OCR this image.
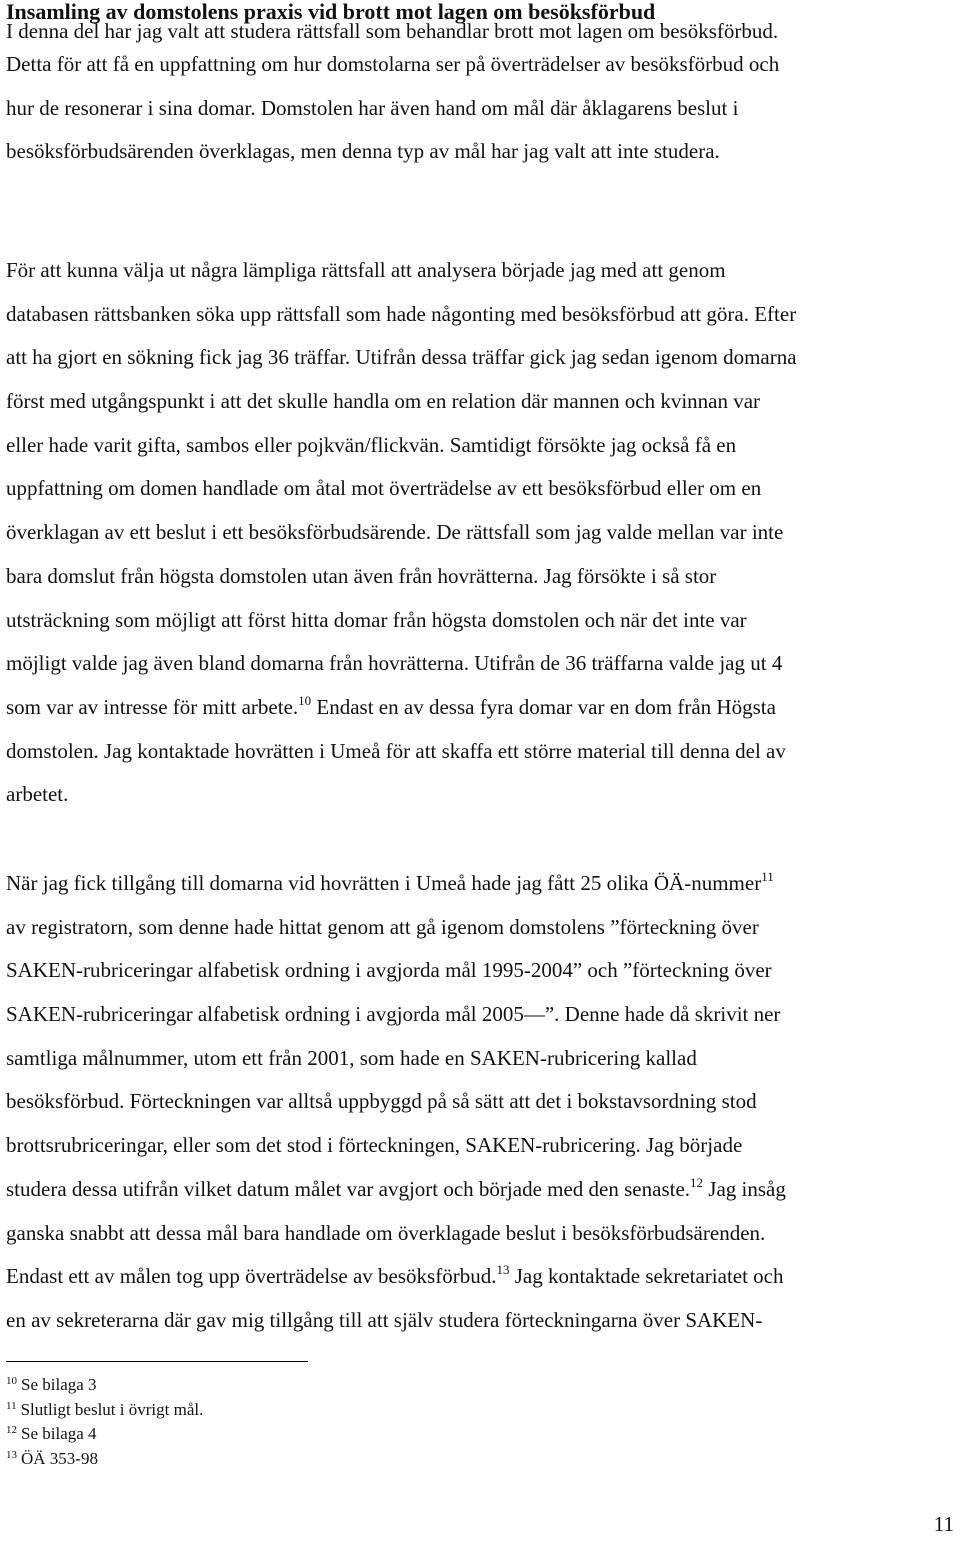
Insamling av domstolens praxis vid brott mot lagen om besöksförbud
I denna del har jag valt att studera rättsfall som behandlar brott mot lagen om besöksförbud.
Detta för att få en uppfattning om hur domstolarna ser på överträdelser av besöksförbud och
hur de resonerar i sina domar. Domstolen har även hand om mål där åklagarens beslut i
besöksförbudsärenden överklagas, men denna typ av mål har jag valt att inte studera.
För att kunna välja ut några lämpliga rättsfall att analysera började jag med att genom
databasen rättsbanken söka upp rättsfall som hade någonting med besöksförbud att göra. Efter
att ha gjort en sökning fick jag 36 träffar. Utifrån dessa träffar gick jag sedan igenom domarna
först med utgångspunkt i att det skulle handla om en relation där mannen och kvinnan var
eller hade varit gifta, sambos eller pojkvän/flickvän. Samtidigt försökte jag också få en
uppfattning om domen handlade om åtal mot överträdelse av ett besöksförbud eller om en
överklagan av ett beslut i ett besöksförbudsärende. De rättsfall som jag valde mellan var inte
bara domslut från högsta domstolen utan även från hovrätterna. Jag försökte i så stor
utsträckning som möjligt att först hitta domar från högsta domstolen och när det inte var
möjligt valde jag även bland domarna från hovrätterna. Utifrån de 36 träffarna valde jag ut 4
som var av intresse för mitt arbete.$^{10}$ Endast en av dessa fyra domar var en dom från Högsta
domstolen. Jag kontaktade hovrätten i Umeå för att skaffa ett större material till denna del av
arbetet.
När jag fick tillgång till domarna vid hovrätten i Umeå hade jag fått 25 olika ÖÄ-nummer$^{11}$
av registratorn, som denne hade hittat genom att gå igenom domstolens ”förteckning över
SAKEN-rubriceringar alfabetisk ordning i avgjorda mål 1995-2004” och ”förteckning över
SAKEN-rubriceringar alfabetisk ordning i avgjorda mål 2005—”. Denne hade då skrivit ner
samtliga målnummer, utom ett från 2001, som hade en SAKEN-rubricering kallad
besöksförbud. Förteckningen var alltså uppbyggd på så sätt att det i bokstavsordning stod
brottsrubriceringar, eller som det stod i förteckningen, SAKEN-rubricering. Jag började
studera dessa utifrån vilket datum målet var avgjort och började med den senaste.$^{12}$ Jag insåg
ganska snabbt att dessa mål bara handlade om överklagade beslut i besöksförbudsärenden.
Endast ett av målen tog upp överträdelse av besöksförbud.$^{13}$ Jag kontaktade sekretariatet och
en av sekreterarna där gav mig tillgång till att själv studera förteckningarna över SAKEN-
$^{10}$ Se bilaga 3
$^{11}$ Slutligt beslut i övrigt mål.
$^{12}$ Se bilaga 4
$^{13}$ ÖÄ 353-98
11
